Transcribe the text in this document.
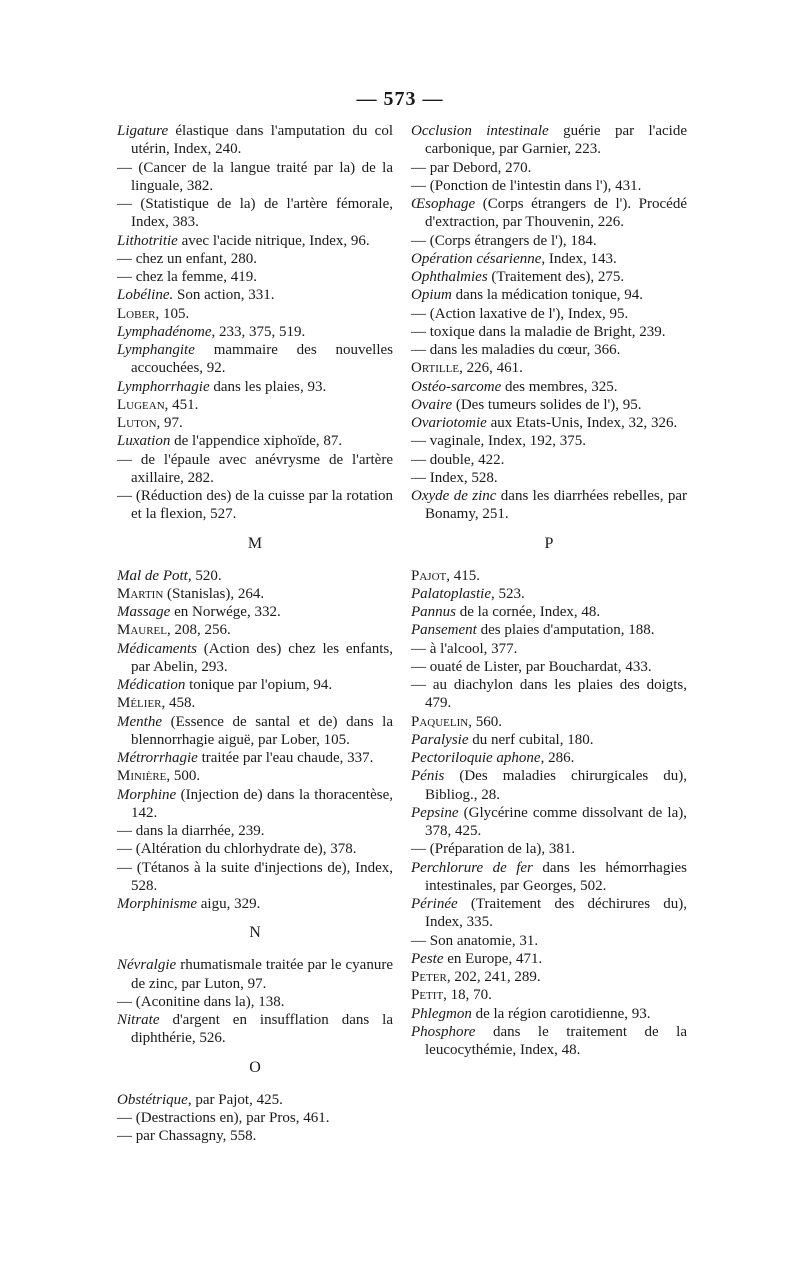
— 573 —
Ligature élastique dans l'amputation du col utérin, Index, 240.
— (Cancer de la langue traité par la) de la linguale, 382.
— (Statistique de la) de l'artère fémorale, Index, 383.
Lithotritie avec l'acide nitrique, Index, 96.
— chez un enfant, 280.
— chez la femme, 419.
Lobéline. Son action, 331.
Lober, 105.
Lymphadénome, 233, 375, 519.
Lymphangite mammaire des nouvelles accouchées, 92.
Lymphorrhagie dans les plaies, 93.
Lugean, 451.
Luton, 97.
Luxation de l'appendice xiphoïde, 87.
— de l'épaule avec anévrysme de l'artère axillaire, 282.
— (Réduction des) de la cuisse par la rotation et la flexion, 527.
M
Mal de Pott, 520.
Martin (Stanislas), 264.
Massage en Norwége, 332.
Maurel, 208, 256.
Médicaments (Action des) chez les enfants, par Abelin, 293.
Médication tonique par l'opium, 94.
Mélier, 458.
Menthe (Essence de santal et de) dans la blennorrhagie aiguë, par Lober, 105.
Métrorrhagie traitée par l'eau chaude, 337.
Minière, 500.
Morphine (Injection de) dans la thoracentèse, 142.
— dans la diarrhée, 239.
— (Altération du chlorhydrate de), 378.
— (Tétanos à la suite d'injections de), Index, 528.
Morphinisme aigu, 329.
N
Névralgie rhumatismale traitée par le cyanure de zinc, par Luton, 97.
— (Aconitine dans la), 138.
Nitrate d'argent en insufflation dans la diphthérie, 526.
O
Obstétrique, par Pajot, 425.
— (Destractions en), par Pros, 461.
— par Chassagny, 558.
Occlusion intestinale guérie par l'acide carbonique, par Garnier, 223.
— par Debord, 270.
— (Ponction de l'intestin dans l'), 431.
Œsophage (Corps étrangers de l'). Procédé d'extraction, par Thouvenin, 226.
— (Corps étrangers de l'), 184.
Opération césarienne, Index, 143.
Ophthalmies (Traitement des), 275.
Opium dans la médication tonique, 94.
— (Action laxative de l'), Index, 95.
— toxique dans la maladie de Bright, 239.
— dans les maladies du cœur, 366.
Ortille, 226, 461.
Ostéo-sarcome des membres, 325.
Ovaire (Des tumeurs solides de l'), 95.
Ovariotomie aux Etats-Unis, Index, 32, 326.
— vaginale, Index, 192, 375.
— double, 422.
— Index, 528.
Oxyde de zinc dans les diarrhées rebelles, par Bonamy, 251.
P
Pajot, 415.
Palatoplastie, 523.
Pannus de la cornée, Index, 48.
Pansement des plaies d'amputation, 188.
— à l'alcool, 377.
— ouaté de Lister, par Bouchardat, 433.
— au diachylon dans les plaies des doigts, 479.
Paquelin, 560.
Paralysie du nerf cubital, 180.
Pectoriloquie aphone, 286.
Pénis (Des maladies chirurgicales du), Bibliog., 28.
Pepsine (Glycérine comme dissolvant de la), 378, 425.
— (Préparation de la), 381.
Perchlorure de fer dans les hémorrhagies intestinales, par Georges, 502.
Périnée (Traitement des déchirures du), Index, 335.
— Son anatomie, 31.
Peste en Europe, 471.
Peter, 202, 241, 289.
Petit, 18, 70.
Phlegmon de la région carotidienne, 93.
Phosphore dans le traitement de la leucocythémie, Index, 48.
